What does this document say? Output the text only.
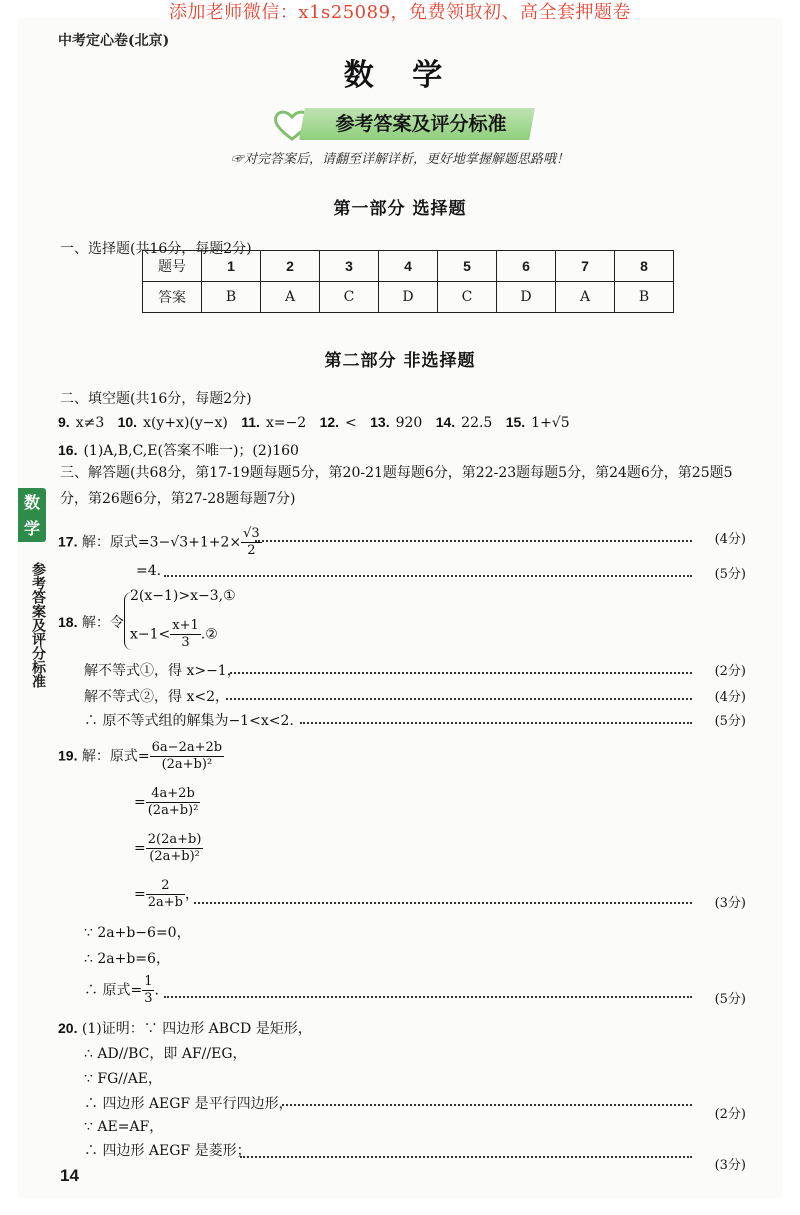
添加老师微信：x1s25089，免费领取初、高全套押题卷
中考定心卷(北京)
数 学
参考答案及评分标准
☞对完答案后，请翻至详解详析，更好地掌握解题思路哦！
第一部分 选择题
一、选择题(共16分，每题2分)
题号	1	2	3	4	5	6	7	8
答案	B	A	C	D	C	D	A	B
第二部分 非选择题
二、填空题(共16分，每题2分)
9. x≠3 10. x(y+x)(y−x) 11. x=−2 12. < 13. 920 14. 22.5 15. 1+√5
16. (1)A,B,C,E(答案不唯一)；(2)160
三、解答题(共68分，第17-19题每题5分，第20-21题每题6分，第22-23题每题5分，第24题6分，第25题5
分，第26题6分，第27-28题每题7分)
17. 解：原式$=3-√3+1+2\times \frac{√3}{2}$	(4分)
=4.	(5分)
18. 解：令
2(x−1)>x−3,①
$x-1< \frac{x+1}{3}$ .②
解不等式①，得 x>−1，	(2分)
解不等式②，得 x<2，	(4分)
∴ 原不等式组的解集为−1<x<2.	(5分)
19. 解：原式= $\frac{6a-2a+2b}{\text{(2a+b)²}}$
= $\frac{4a+2b}{\text{(2a+b)²}}$
= $\frac{2(2a+b)}{\text{(2a+b)²}}$
= $\frac{2}{2a+b}$ ，
(3分)
∵ 2a+b−6=0，
∴ 2a+b=6，
∴ 原式= $\frac{1}{3}$ .
(5分)
20. (1)证明：∵ 四边形 ABCD 是矩形，
∴ AD//BC，即 AF//EG，
∵ FG//AE，
∴ 四边形 AEGF 是平行四边形，
(2分)
∵ AE=AF，
∴ 四边形 AEGF 是菱形；
(3分)
数学
参考答案及评分标准
14
